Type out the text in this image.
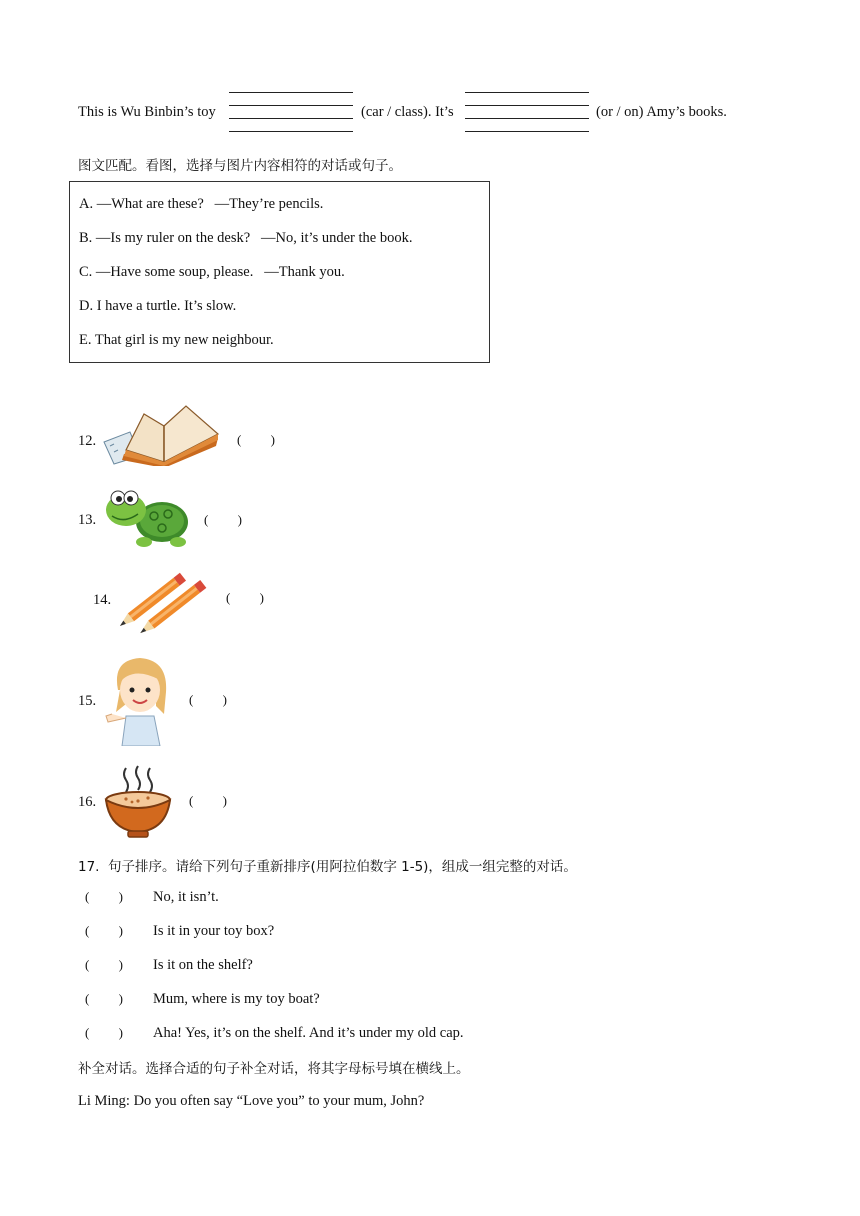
This is Wu Binbin’s toy	(car / class). It’s	(or / on) Amy’s books.
图文匹配。看图，选择与图片内容相符的对话或句子。
A. —What are these?   —They’re pencils.
B. —Is my ruler on the desk?   —No, it’s under the book.
C. —Have some soup, please.   —Thank you.
D. I have a turtle. It’s slow.
E. That girl is my new neighbour.
12.	(         )
13.	(         )
14.	(         )
15.	(         )
16.	(         )
17.  句子排序。请给下列句子重新排序(用阿拉伯数字 1-5)，组成一组完整的对话。
(         ) No, it isn’t.
(         ) Is it in your toy box?
(         ) Is it on the shelf?
(         ) Mum, where is my toy boat?
(         ) Aha! Yes, it’s on the shelf. And it’s under my old cap.
补全对话。选择合适的句子补全对话，将其字母标号填在横线上。
Li Ming: Do you often say “Love you” to your mum, John?
